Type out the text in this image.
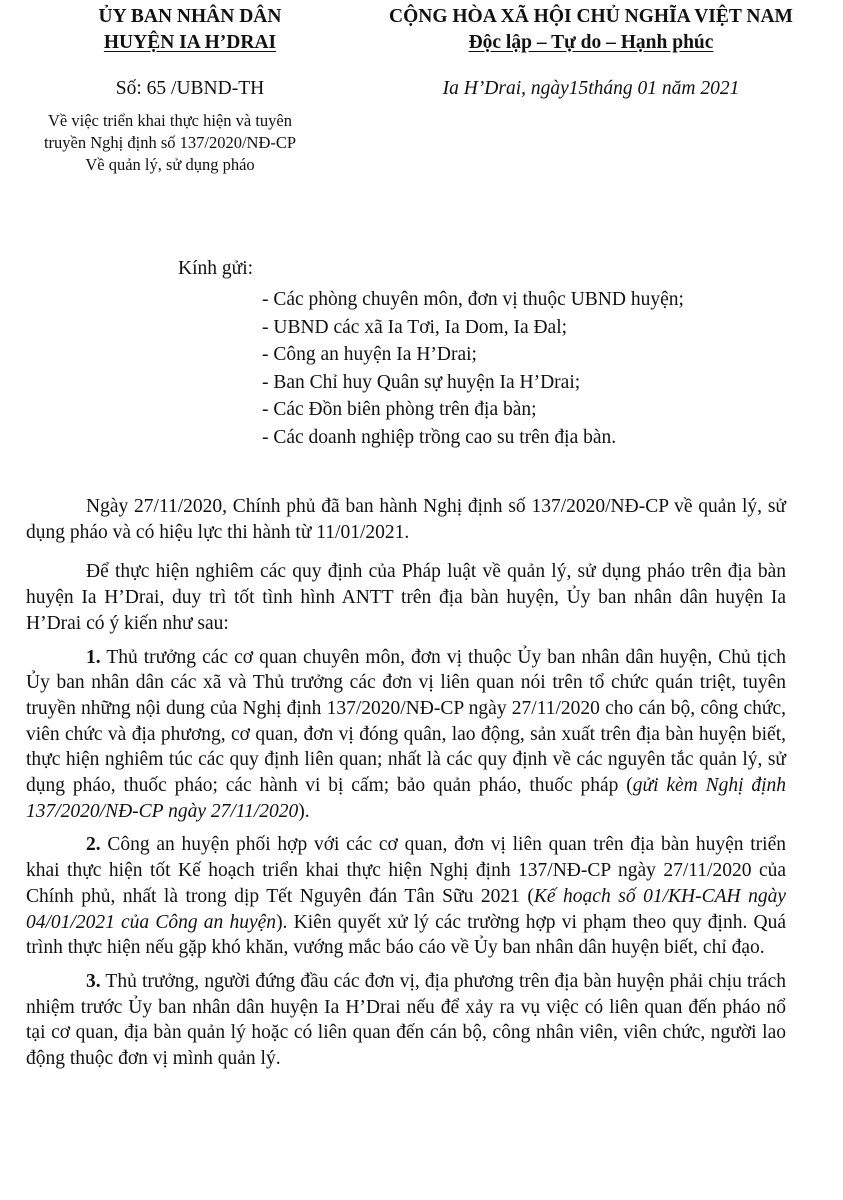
ỦY BAN NHÂN DÂN
HUYỆN IA H’DRAI
CỘNG HÒA XÃ HỘI CHỦ NGHĨA VIỆT NAM
Độc lập – Tự do – Hạnh phúc
Số: 65 /UBND-TH	Ia H’Drai, ngày15tháng 01 năm 2021
Về việc triển khai thực hiện và tuyên
truyền Nghị định số 137/2020/NĐ-CP
Về quản lý, sử dụng pháo
Kính gửi:
- Các phòng chuyên môn, đơn vị thuộc UBND huyện;
- UBND các xã Ia Tơi, Ia Dom, Ia Đal;
- Công an huyện Ia H’Drai;
- Ban Chỉ huy Quân sự huyện Ia H’Drai;
- Các Đồn biên phòng trên địa bàn;
- Các doanh nghiệp trồng cao su trên địa bàn.

Ngày 27/11/2020, Chính phủ đã ban hành Nghị định số 137/2020/NĐ-CP về quản lý, sử dụng pháo và có hiệu lực thi hành từ 11/01/2021.

Để thực hiện nghiêm các quy định của Pháp luật về quản lý, sử dụng pháo trên địa bàn huyện Ia H’Drai, duy trì tốt tình hình ANTT trên địa bàn huyện, Ủy ban nhân dân huyện Ia H’Drai có ý kiến như sau:

1. Thủ trưởng các cơ quan chuyên môn, đơn vị thuộc Ủy ban nhân dân huyện, Chủ tịch Ủy ban nhân dân các xã và Thủ trưởng các đơn vị liên quan nói trên tổ chức quán triệt, tuyên truyền những nội dung của Nghị định 137/2020/NĐ-CP ngày 27/11/2020 cho cán bộ, công chức, viên chức và địa phương, cơ quan, đơn vị đóng quân, lao động, sản xuất trên địa bàn huyện biết, thực hiện nghiêm túc các quy định liên quan; nhất là các quy định về các nguyên tắc quản lý, sử dụng pháo, thuốc pháo; các hành vi bị cấm; bảo quản pháo, thuốc pháp (gửi kèm Nghị định 137/2020/NĐ-CP ngày 27/11/2020).

2. Công an huyện phối hợp với các cơ quan, đơn vị liên quan trên địa bàn huyện triển khai thực hiện tốt Kế hoạch triển khai thực hiện Nghị định 137/NĐ-CP ngày 27/11/2020 của Chính phủ, nhất là trong dịp Tết Nguyên đán Tân Sữu 2021 (Kế hoạch số 01/KH-CAH ngày 04/01/2021 của Công an huyện). Kiên quyết xử lý các trường hợp vi phạm theo quy định. Quá trình thực hiện nếu gặp khó khăn, vướng mắc báo cáo về Ủy ban nhân dân huyện biết, chỉ đạo.

3. Thủ trưởng, người đứng đầu các đơn vị, địa phương trên địa bàn huyện phải chịu trách nhiệm trước Ủy ban nhân dân huyện Ia H’Drai nếu để xảy ra vụ việc có liên quan đến pháo nổ tại cơ quan, địa bàn quản lý hoặc có liên quan đến cán bộ, công nhân viên, viên chức, người lao động thuộc đơn vị mình quản lý.
